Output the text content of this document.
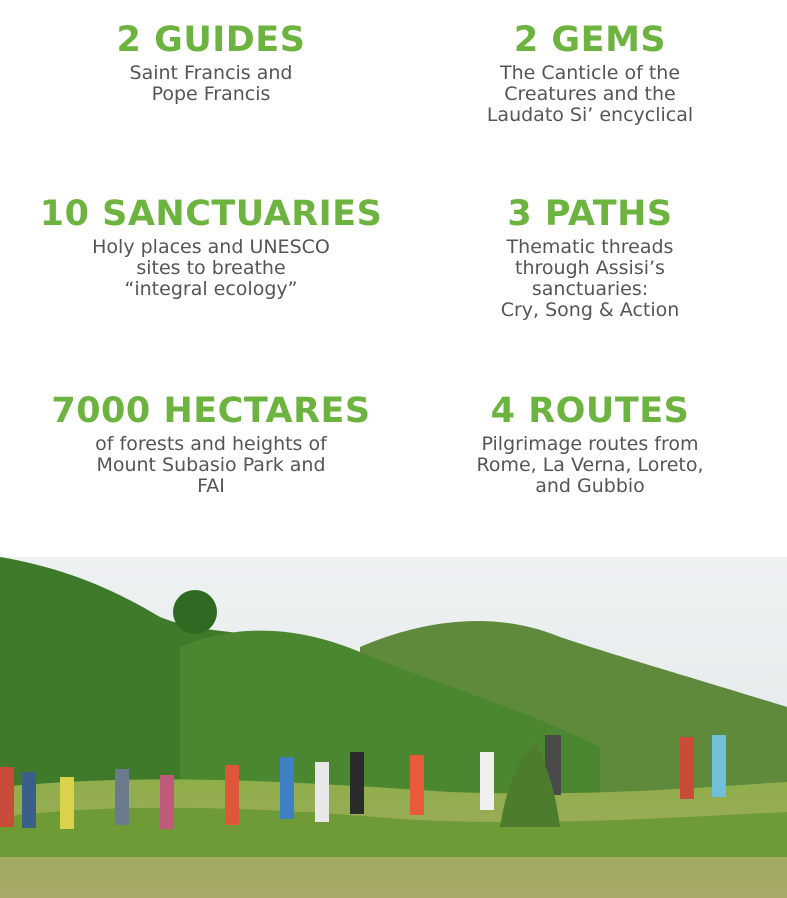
2 GUIDES
Saint Francis and
Pope Francis
2 GEMS
The Canticle of the
Creatures and the
Laudato Si’ encyclical
10 SANCTUARIES
Holy places and UNESCO
sites to breathe
“integral ecology”
3 PATHS
Thematic threads
through Assisi’s
sanctuaries:
Cry, Song & Action
7000 HECTARES
of forests and heights of
Mount Subasio Park and
FAI
4 ROUTES
Pilgrimage routes from
Rome, La Verna, Loreto,
and Gubbio
